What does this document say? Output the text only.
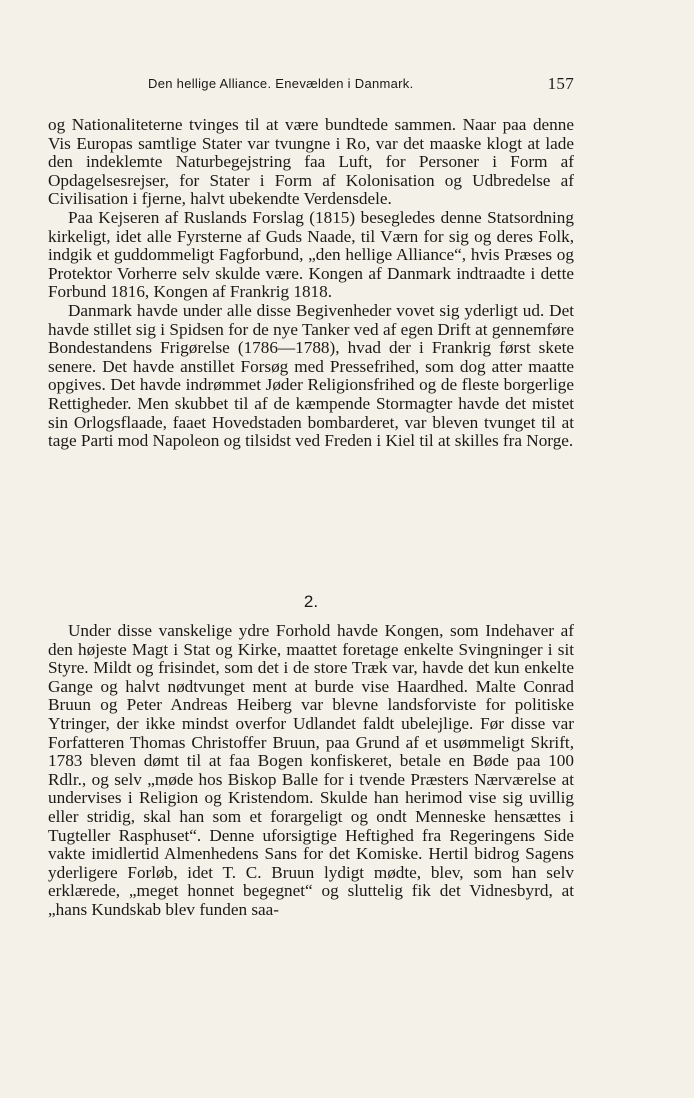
Den hellige Alliance. Enevælden i Danmark.	157

og Nationaliteterne tvinges til at være bundtede sammen. Naar paa denne Vis Europas samtlige Stater var tvungne i Ro, var det maaske klogt at lade den indeklemte Naturbegejstring faa Luft, for Personer i Form af Opdagelsesrejser, for Stater i Form af Kolonisation og Udbredelse af Civilisation i fjerne, halvt ubekendte Verdensdele.

Paa Kejseren af Ruslands Forslag (1815) besegledes denne Statsordning kirkeligt, idet alle Fyrsterne af Guds Naade, til Værn for sig og deres Folk, indgik et guddommeligt Fagforbund, „den hellige Alliance“, hvis Præses og Protektor Vorherre selv skulde være. Kongen af Danmark indtraadte i dette Forbund 1816, Kongen af Frankrig 1818.

Danmark havde under alle disse Begivenheder vovet sig yderligt ud. Det havde stillet sig i Spidsen for de nye Tanker ved af egen Drift at gennemføre Bondestandens Frigørelse (1786—1788), hvad der i Frankrig først skete senere. Det havde anstillet Forsøg med Pressefrihed, som dog atter maatte opgives. Det havde indrømmet Jøder Religionsfrihed og de fleste borgerlige Rettigheder. Men skubbet til af de kæmpende Stormagter havde det mistet sin Orlogsflaade, faaet Hovedstaden bombarderet, var bleven tvunget til at tage Parti mod Napoleon og tilsidst ved Freden i Kiel til at skilles fra Norge.

2.

Under disse vanskelige ydre Forhold havde Kongen, som Indehaver af den højeste Magt i Stat og Kirke, maattet foretage enkelte Svingninger i sit Styre. Mildt og frisindet, som det i de store Træk var, havde det kun enkelte Gange og halvt nødtvunget ment at burde vise Haardhed. Malte Conrad Bruun og Peter Andreas Heiberg var blevne landsforviste for politiske Ytringer, der ikke mindst overfor Udlandet faldt ubelejlige. Før disse var Forfatteren Thomas Christoffer Bruun, paa Grund af et usømmeligt Skrift, 1783 bleven dømt til at faa Bogen konfiskeret, betale en Bøde paa 100 Rdlr., og selv „møde hos Biskop Balle for i tvende Præsters Nærværelse at undervises i Religion og Kristendom. Skulde han herimod vise sig uvillig eller stridig, skal han som et forargeligt og ondt Menneske hensættes i Tugteller Rasphuset“. Denne uforsigtige Heftighed fra Regeringens Side vakte imidlertid Almenhedens Sans for det Komiske. Hertil bidrog Sagens yderligere Forløb, idet T. C. Bruun lydigt mødte, blev, som han selv erklærede, „meget honnet begegnet“ og sluttelig fik det Vidnesbyrd, at „hans Kundskab blev funden saa-
